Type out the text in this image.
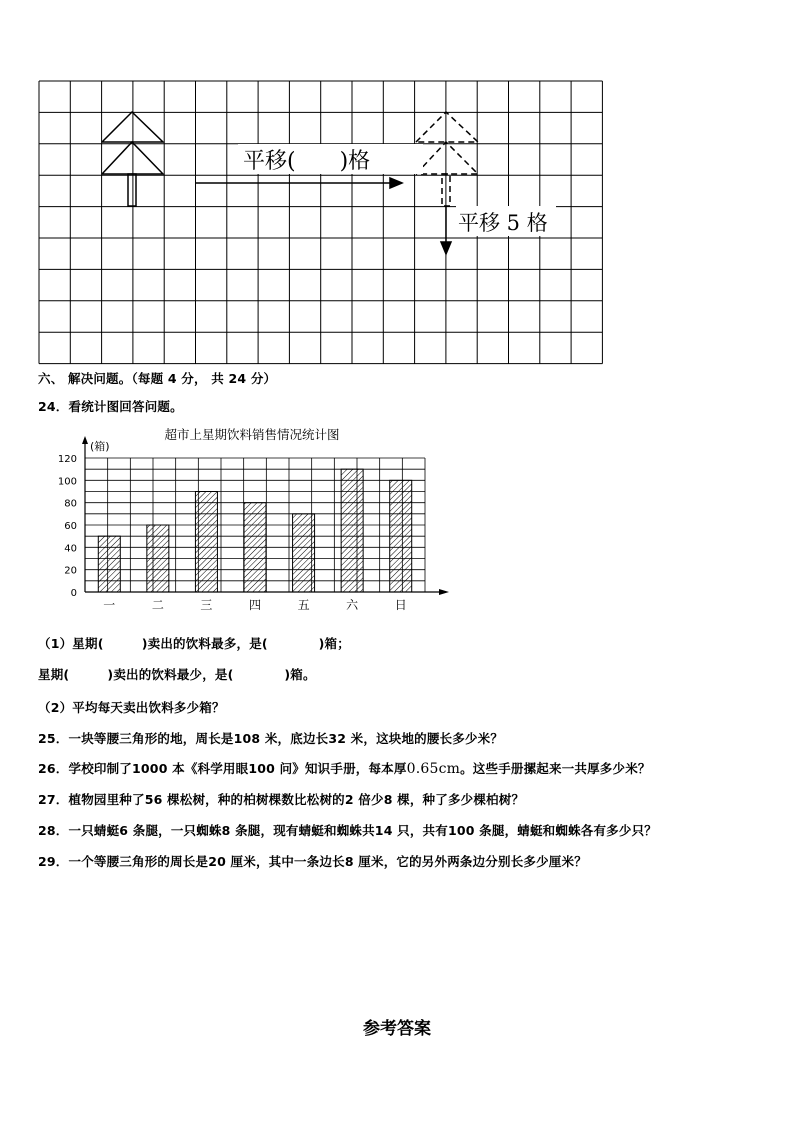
平移(　　)格
平移 5 格
六、 解决问题。（每题 4 分， 共 24 分）
24．看统计图回答问题。
超市上星期饮料销售情况统计图
(箱)
0
20
40
60
80
100
120
一	二	三	四	五	六	日
（1）星期(　　　)卖出的饮料最多，是(　　　　)箱；
星期(　　　)卖出的饮料最少，是(　　　　)箱。
（2）平均每天卖出饮料多少箱？
25．一块等腰三角形的地，周长是108 米，底边长32 米，这块地的腰长多少米？
26．学校印制了1000 本《科学用眼100 问》知识手册，每本厚0.65cm。这些手册摞起来一共厚多少米？
27．植物园里种了56 棵松树，种的柏树棵数比松树的2 倍少8 棵，种了多少棵柏树？
28．一只蜻蜓6 条腿，一只蜘蛛8 条腿，现有蜻蜓和蜘蛛共14 只，共有100 条腿，蜻蜓和蜘蛛各有多少只？
29．一个等腰三角形的周长是20 厘米，其中一条边长8 厘米，它的另外两条边分别长多少厘米？
参考答案
